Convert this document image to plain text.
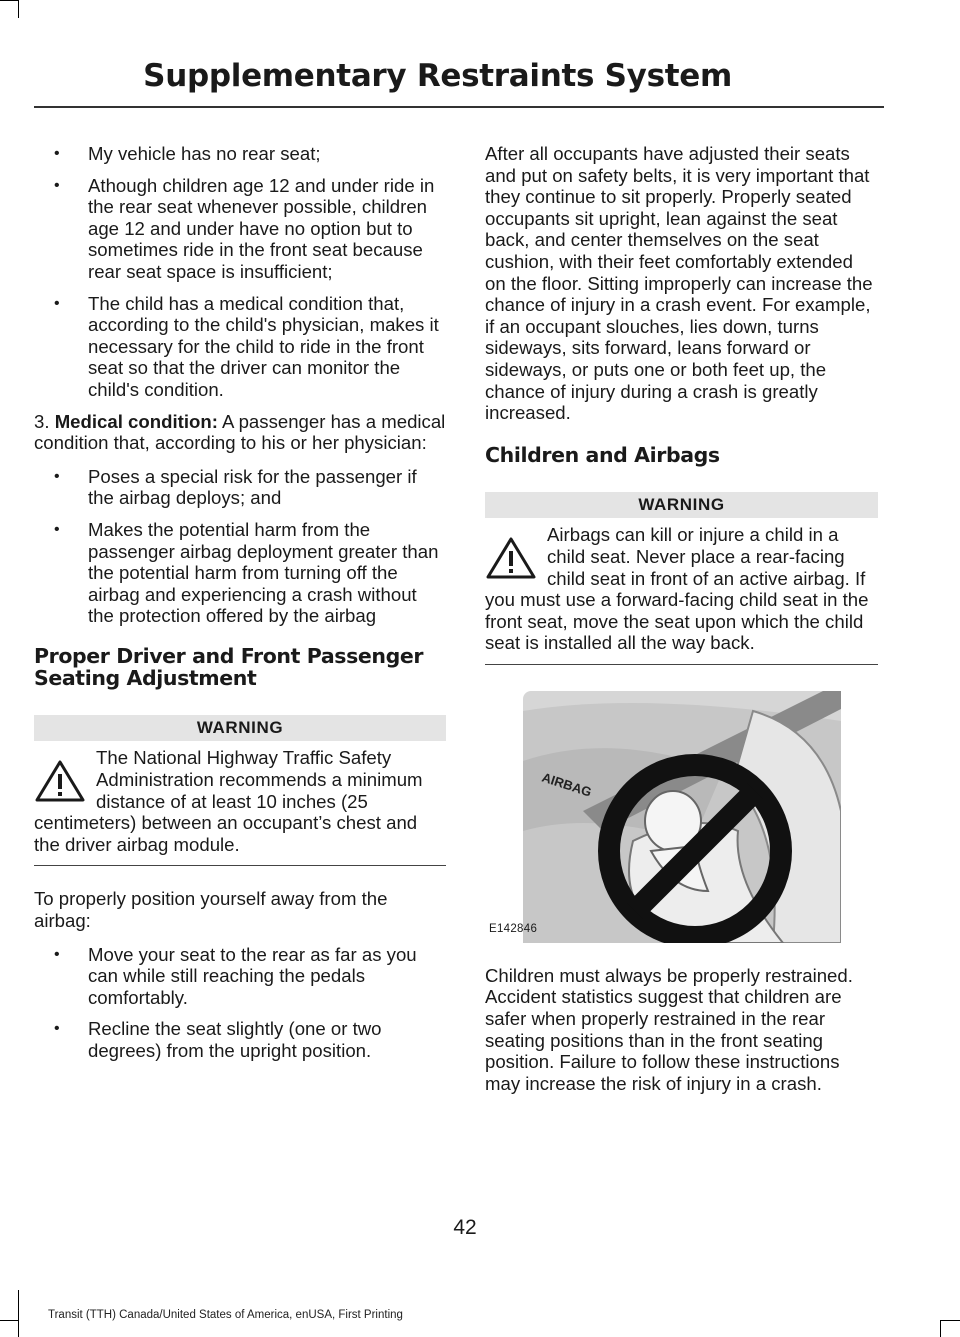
Supplementary Restraints System
• My vehicle has no rear seat;
• Athough children age 12 and under ride in the rear seat whenever possible, children age 12 and under have no option but to sometimes ride in the front seat because rear seat space is insufficient;
• The child has a medical condition that, according to the child's physician, makes it necessary for the child to ride in the front seat so that the driver can monitor the child's condition.

3. Medical condition: A passenger has a medical condition that, according to his or her physician:

• Poses a special risk for the passenger if the airbag deploys; and
• Makes the potential harm from the passenger airbag deployment greater than the potential harm from turning off the airbag and experiencing a crash without the protection offered by the airbag
Proper Driver and Front Passenger Seating Adjustment
WARNING

The National Highway Traffic Safety Administration recommends a minimum distance of at least 10 inches (25 centimeters) between an occupant’s chest and the driver airbag module.

To properly position yourself away from the airbag:

• Move your seat to the rear as far as you can while still reaching the pedals comfortably.
• Recline the seat slightly (one or two degrees) from the upright position.

After all occupants have adjusted their seats and put on safety belts, it is very important that they continue to sit properly. Properly seated occupants sit upright, lean against the seat back, and center themselves on the seat cushion, with their feet comfortably extended on the floor. Sitting improperly can increase the chance of injury in a crash event. For example, if an occupant slouches, lies down, turns sideways, sits forward, leans forward or sideways, or puts one or both feet up, the chance of injury during a crash is greatly increased.

Children and Airbags
WARNING

Airbags can kill or injure a child in a child seat. Never place a rear-facing child seat in front of an active airbag. If you must use a forward-facing child seat in the front seat, move the seat upon which the child seat is installed all the way back.

AIRBAG
E142846

Children must always be properly restrained. Accident statistics suggest that children are safer when properly restrained in the rear seating positions than in the front seating position. Failure to follow these instructions may increase the risk of injury in a crash.

42
Transit (TTH) Canada/United States of America, enUSA, First Printing
